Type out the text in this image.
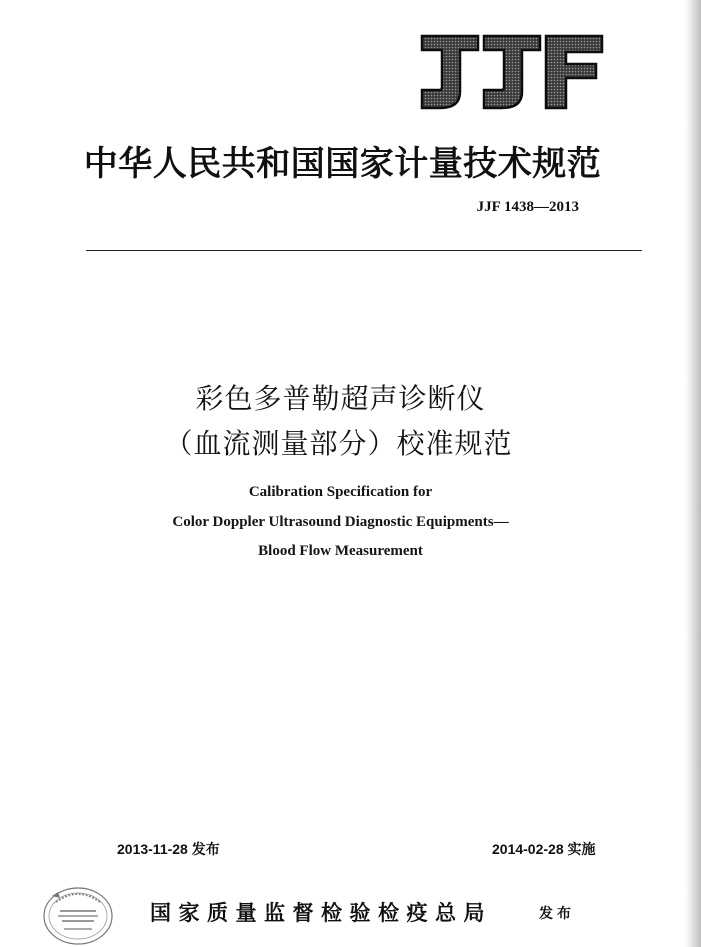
中华人民共和国国家计量技术规范
JJF 1438—2013
彩色多普勒超声诊断仪
（血流测量部分）校准规范
Calibration Specification for
Color Doppler Ultrasound Diagnostic Equipments—
Blood Flow Measurement
2013-11-28 发布	2014-02-28 实施
国家质量监督检验检疫总局	发布
